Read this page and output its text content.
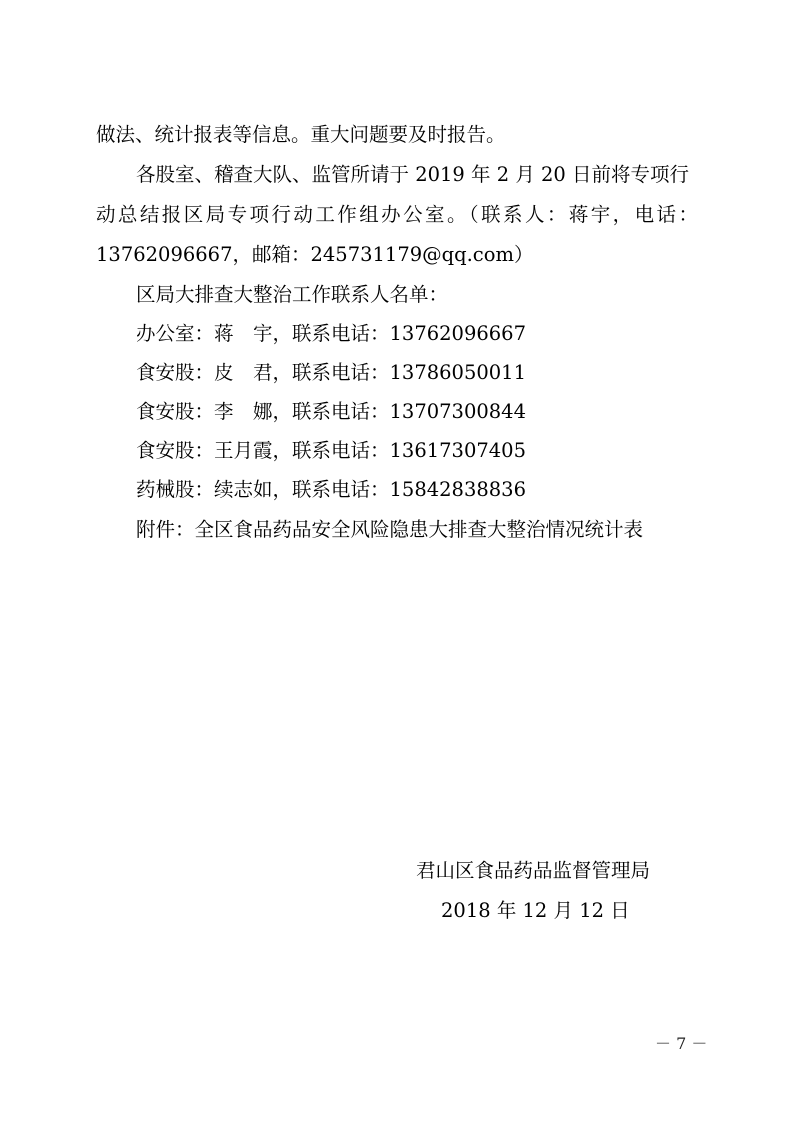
做法、统计报表等信息。重大问题要及时报告。

各股室、稽查大队、监管所请于 2019 年 2 月 20 日前将专项行

动总结报区局专项行动工作组办公室。（联系人：蒋宇，电话：

13762096667，邮箱：245731179@qq.com）

区局大排查大整治工作联系人名单：

办公室：蒋　宇，联系电话：13762096667

食安股：皮　君，联系电话：13786050011

食安股：李　娜，联系电话：13707300844

食安股：王月霞，联系电话：13617307405

药械股：续志如，联系电话：15842838836

附件：全区食品药品安全风险隐患大排查大整治情况统计表

君山区食品药品监督管理局
2018 年 12 月 12 日
－ 7 －
